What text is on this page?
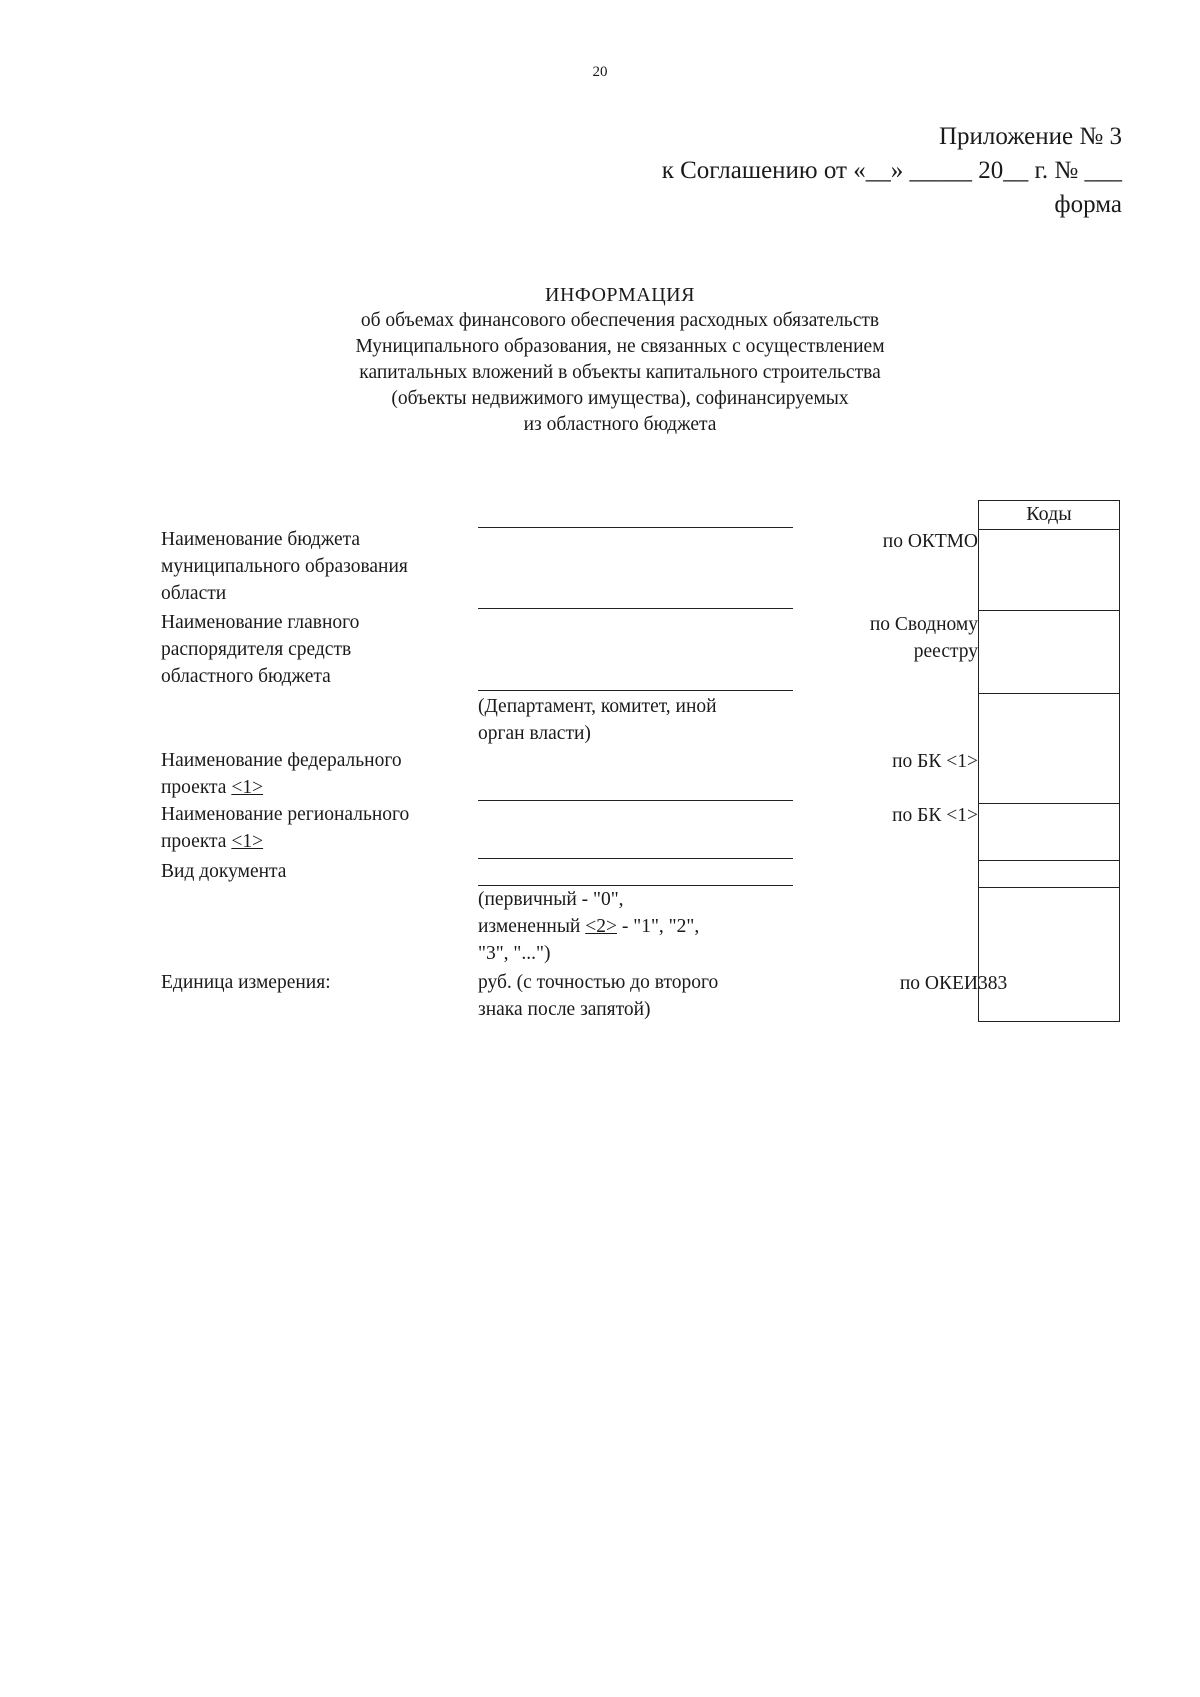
20
Приложение № 3
к Соглашению от «__» _____ 20__ г. № ___
форма
ИНФОРМАЦИЯ
об объемах финансового обеспечения расходных обязательств
Муниципального образования, не связанных с осуществлением
капитальных вложений в объекты капитального строительства
(объекты недвижимого имущества), софинансируемых
из областного бюджета
Коды
383
Наименование бюджета
муниципального образования
области
по ОКТМО
Наименование главного
распорядителя средств
областного бюджета
по Сводному
реестру
(Департамент, комитет, иной
орган власти)
Наименование федерального
проекта <1>
по БК <1>
Наименование регионального
проекта <1>
по БК <1>
Вид документа
(первичный - "0",
измененный <2> - "1", "2",
"3", "...")
Единица измерения:	руб. (с точностью до второго
знака после запятой)
по ОКЕИ
